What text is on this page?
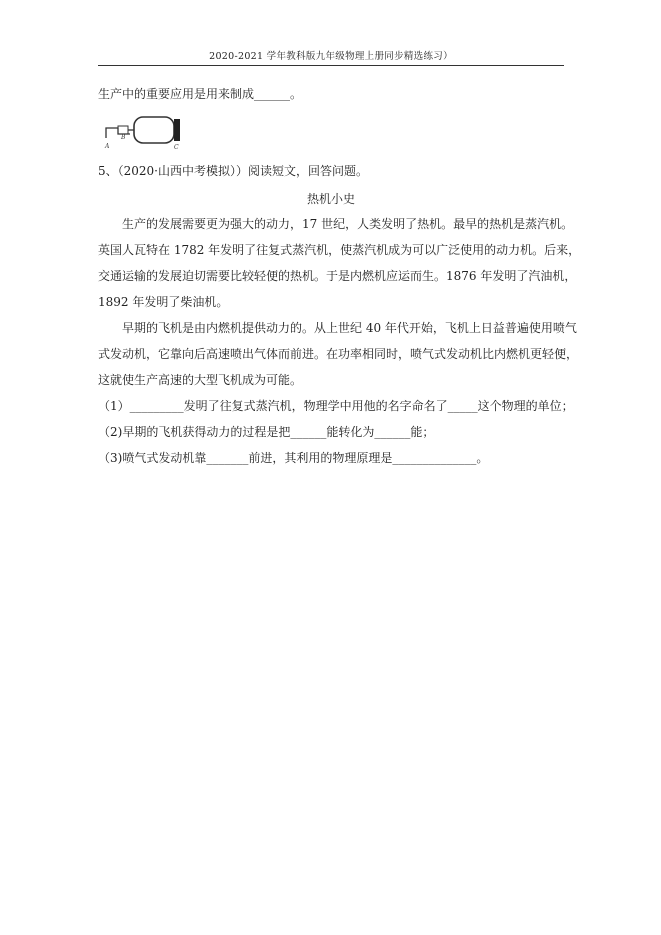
2020-2021 学年教科版九年级物理上册同步精选练习）
生产中的重要应用是用来制成______。
A
B
C
5、（2020·山西中考模拟））阅读短文，回答问题。
热机小史
生产的发展需要更为强大的动力，17 世纪，人类发明了热机。最早的热机是蒸汽机。
英国人瓦特在 1782 年发明了往复式蒸汽机，使蒸汽机成为可以广泛使用的动力机。后来，
交通运输的发展迫切需要比较轻便的热机。于是内燃机应运而生。1876 年发明了汽油机，
1892 年发明了柴油机。
早期的飞机是由内燃机提供动力的。从上世纪 40 年代开始，飞机上日益普遍使用喷气
式发动机，它靠向后高速喷出气体而前进。在功率相同时，喷气式发动机比内燃机更轻便，
这就使生产高速的大型飞机成为可能。
（1）_________发明了往复式蒸汽机，物理学中用他的名字命名了_____这个物理的单位；
（2)早期的飞机获得动力的过程是把______能转化为______能；
（3)喷气式发动机靠_______前进，其利用的物理原理是______________。
